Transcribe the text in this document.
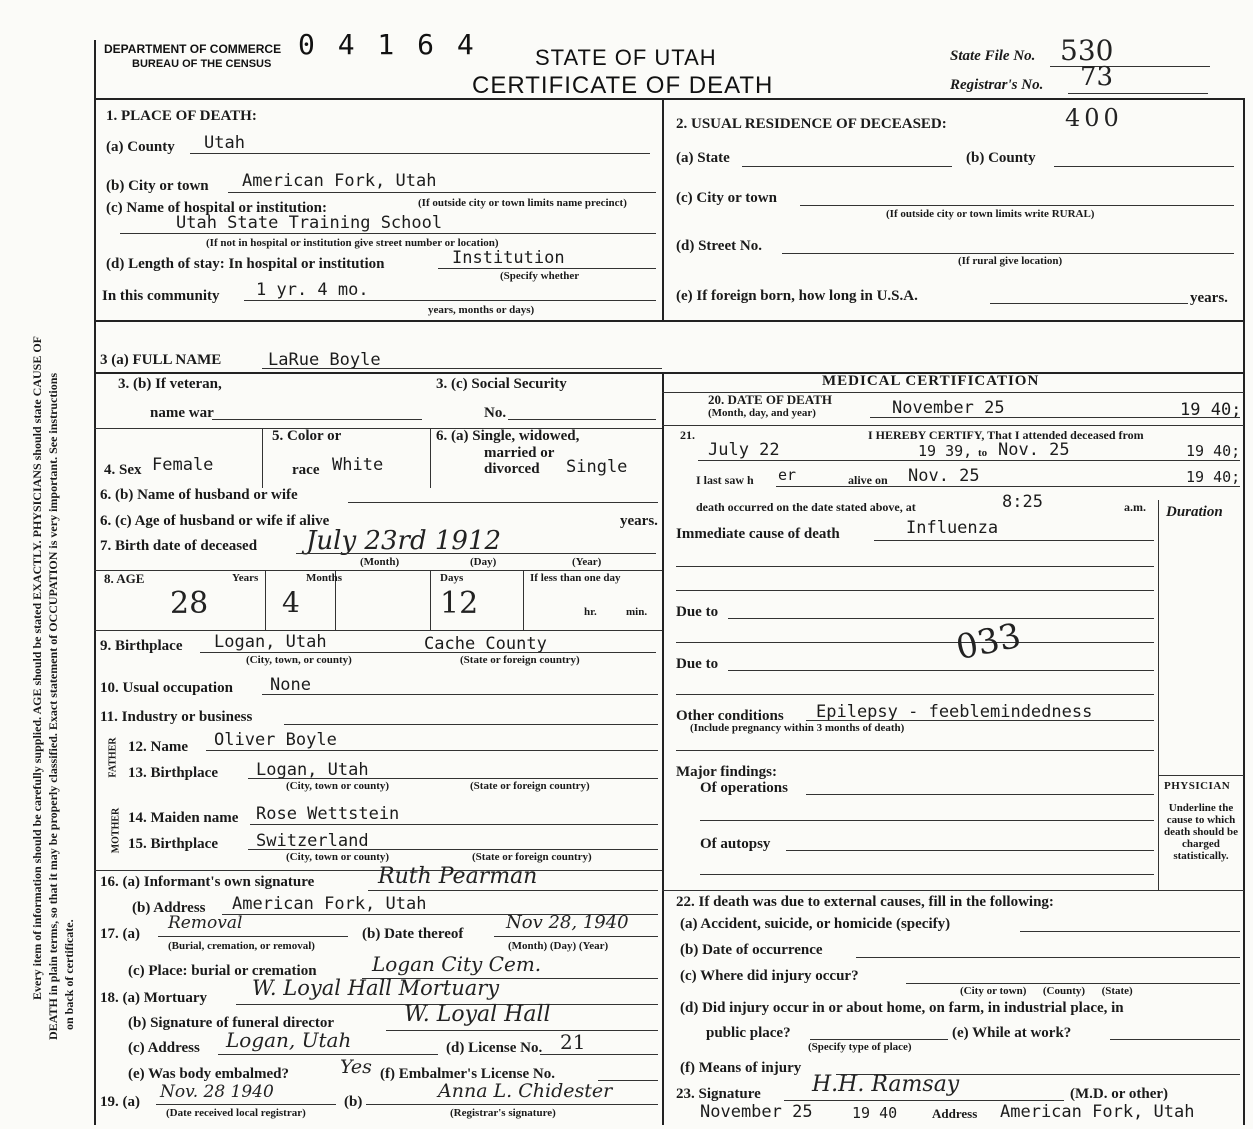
Every item of information should be carefully supplied. AGE should be stated EXACTLY. PHYSICIANS should state CAUSE OF DEATH in plain terms, so that it may be properly classified. Exact statement of OCCUPATION is very important. See instructions on back of certificate.
DEPARTMENT OF COMMERCE
BUREAU OF THE CENSUS
0 4 1 6 4	STATE OF UTAH
CERTIFICATE OF DEATH
State File No. 530
Registrar's No. 73
1. PLACE OF DEATH:
(a) County Utah
(b) City or town American Fork, Utah
(c) Name of hospital or institution:	(If outside city or town limits name precinct)
Utah State Training School
(If not in hospital or institution give street number or location)
(d) Length of stay: In hospital or institution	Institution
(Specify whether
In this community 1 yr. 4 mo.
years, months or days)
2. USUAL RESIDENCE OF DECEASED:	400
(a) State	(b) County
(c) City or town
(If outside city or town limits write RURAL)
(d) Street No.
(If rural give location)
(e) If foreign born, how long in U.S.A.	years.
3 (a) FULL NAME	LaRue Boyle
3. (b) If veteran,
name war
3. (c) Social Security
No.
4. Sex Female
5. Color or
race White
6. (a) Single, widowed,
married or
divorced Single
6. (b) Name of husband or wife
6. (c) Age of husband or wife if alive	years.
7. Birth date of deceased July 23rd 1912
(Month)	(Day)	(Year)
8. AGE	Years	Months	Days	If less than one day
28	4	12	hr.	min.
9. Birthplace Logan, Utah	Cache County
(City, town, or county)	(State or foreign country)
10. Usual occupation None
11. Industry or business
FATHER
MOTHER
12. Name Oliver Boyle
13. Birthplace Logan, Utah
(City, town or county)	(State or foreign country)
14. Maiden name Rose Wettstein
15. Birthplace Switzerland
(City, town or county)	(State or foreign country)
16. (a) Informant's own signature	Ruth Pearman
(b) Address American Fork, Utah
17. (a)
Removal
(Burial, cremation, or removal)
(b) Date thereof
Nov 28, 1940
(Month) (Day) (Year)
(c) Place: burial or cremation	Logan City Cem.
18. (a) Mortuary W. Loyal Hall Mortuary
(b) Signature of funeral director	W. Loyal Hall
(c) Address Logan, Utah	(d) License No. 21
(e) Was body embalmed?	Yes (f) Embalmer's License No.
19. (a) Nov. 28 1940
(Date received local registrar)
(b)	Anna L. Chidester
(Registrar's signature)
MEDICAL CERTIFICATION
20. DATE OF DEATH
(Month, day, and year)	November 25	19 40;
21.	I HEREBY CERTIFY, That I attended deceased from
July 22	19 39, to Nov. 25	19 40;
I last saw h er	alive on Nov. 25	19 40;
death occurred on the date stated above, at	8:25	a.m. Duration
Immediate cause of death	Influenza
Due to
Due to	033
Other conditions Epilepsy - feeblemindedness
(Include pregnancy within 3 months of death)
Major findings:
Of operations
Of autopsy
PHYSICIAN
Underline the cause to which death should be charged statistically.
22. If death was due to external causes, fill in the following:
(a) Accident, suicide, or homicide (specify)
(b) Date of occurrence
(c) Where did injury occur?
(City or town)      (County)      (State)
(d) Did injury occur in or about home, on farm, in industrial place, in
public place?
(Specify type of place)
(e) While at work?
(f) Means of injury
23. Signature H.H. Ramsay	(M.D. or other)
November 25	19 40	Address American Fork, Utah
